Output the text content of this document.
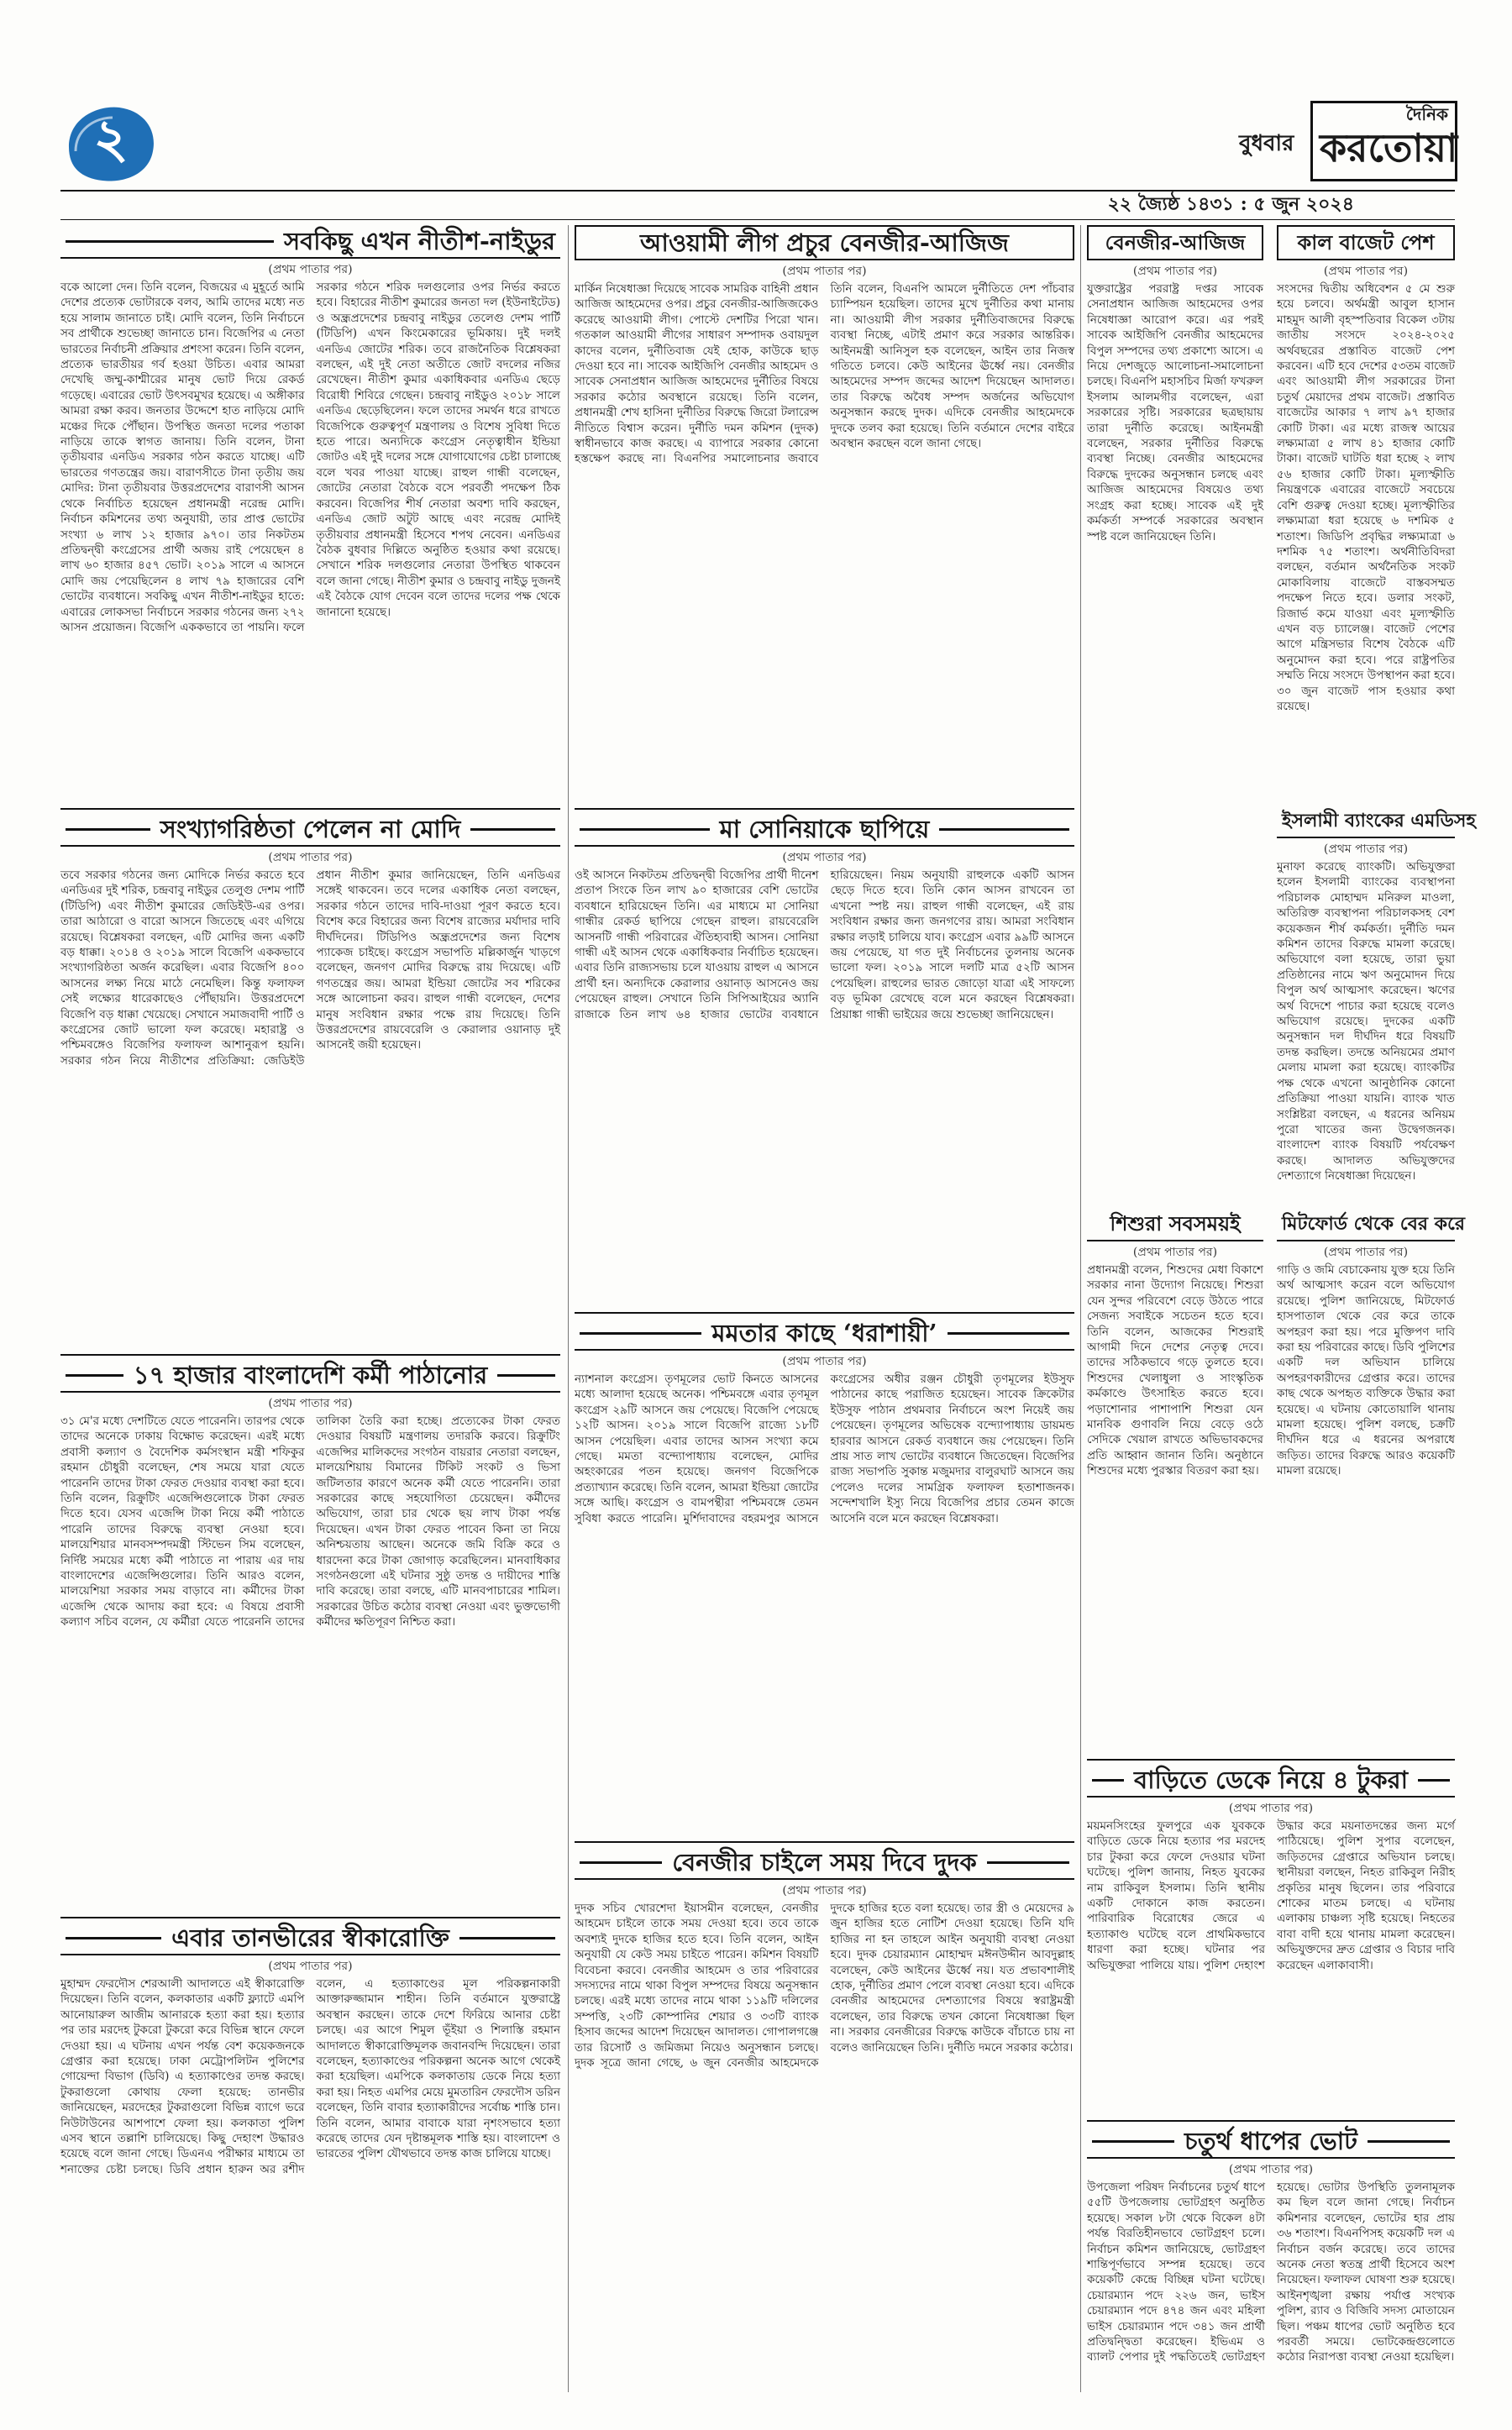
২	বুধবার
দৈনিক
করতোয়া
২২ জ্যৈষ্ঠ ১৪৩১ : ৫ জুন ২০২৪
সবকিছু এখন নীতীশ-নাইডুর
(প্রথম পাতার পর)
বকে আলো দেন। তিনি বলেন, বিজয়ের এ মুহূর্তে আমি দেশের প্রত্যেক ভোটারকে বলব, আমি তাদের মধ্যে নত হয়ে সালাম জানাতে চাই। মোদি বলেন, তিনি নির্বাচনে সব প্রার্থীকে শুভেচ্ছা জানাতে চান। বিজেপির এ নেতা ভারতের নির্বাচনী প্রক্রিয়ার প্রশংসা করেন। তিনি বলেন, প্রত্যেক ভারতীয়র গর্ব হওয়া উচিত। এবার আমরা দেখেছি জম্মু-কাশ্মীরের মানুষ ভোট দিয়ে রেকর্ড গড়েছে। এবারের ভোট উৎসবমুখর হয়েছে। এ অঙ্গীকার আমরা রক্ষা করব। জনতার উদ্দেশে হাত নাড়িয়ে মোদি মঞ্চের দিকে পৌঁছান। উপস্থিত জনতা দলের পতাকা নাড়িয়ে তাকে স্বাগত জানায়। তিনি বলেন, টানা তৃতীয়বার এনডিএ সরকার গঠন করতে যাচ্ছে। এটি ভারতের গণতন্ত্রের জয়। বারাণসীতে টানা তৃতীয় জয় মোদির: টানা তৃতীয়বার উত্তরপ্রদেশের বারাণসী আসন থেকে নির্বাচিত হয়েছেন প্রধানমন্ত্রী নরেন্দ্র মোদি। নির্বাচন কমিশনের তথ্য অনুযায়ী, তার প্রাপ্ত ভোটের সংখ্যা ৬ লাখ ১২ হাজার ৯৭০। তার নিকটতম প্রতিদ্বন্দ্বী কংগ্রেসের প্রার্থী অজয় রাই পেয়েছেন ৪ লাখ ৬০ হাজার ৪৫৭ ভোট। ২০১৯ সালে এ আসনে মোদি জয় পেয়েছিলেন ৪ লাখ ৭৯ হাজারের বেশি ভোটের ব্যবধানে। সবকিছু এখন নীতীশ-নাইডুর হাতে: এবারের লোকসভা নির্বাচনে সরকার গঠনের জন্য ২৭২ আসন প্রয়োজন। বিজেপি এককভাবে তা পায়নি। ফলে সরকার গঠনে শরিক দলগুলোর ওপর নির্ভর করতে হবে। বিহারের নীতীশ কুমারের জনতা দল (ইউনাইটেড) ও অন্ধ্রপ্রদেশের চন্দ্রবাবু নাইডুর তেলেগু দেশম পার্টি (টিডিপি) এখন কিংমেকারের ভূমিকায়। দুই দলই এনডিএ জোটের শরিক। তবে রাজনৈতিক বিশ্লেষকরা বলছেন, এই দুই নেতা অতীতে জোট বদলের নজির রেখেছেন। নীতীশ কুমার একাধিকবার এনডিএ ছেড়ে বিরোধী শিবিরে গেছেন। চন্দ্রবাবু নাইডুও ২০১৮ সালে এনডিএ ছেড়েছিলেন। ফলে তাদের সমর্থন ধরে রাখতে বিজেপিকে গুরুত্বপূর্ণ মন্ত্রণালয় ও বিশেষ সুবিধা দিতে হতে পারে। অন্যদিকে কংগ্রেস নেতৃত্বাধীন ইন্ডিয়া জোটও এই দুই দলের সঙ্গে যোগাযোগের চেষ্টা চালাচ্ছে বলে খবর পাওয়া যাচ্ছে। রাহুল গান্ধী বলেছেন, জোটের নেতারা বৈঠকে বসে পরবর্তী পদক্ষেপ ঠিক করবেন। বিজেপির শীর্ষ নেতারা অবশ্য দাবি করছেন, এনডিএ জোট অটুট আছে এবং নরেন্দ্র মোদিই তৃতীয়বার প্রধানমন্ত্রী হিসেবে শপথ নেবেন। এনডিএর বৈঠক বুধবার দিল্লিতে অনুষ্ঠিত হওয়ার কথা রয়েছে। সেখানে শরিক দলগুলোর নেতারা উপস্থিত থাকবেন বলে জানা গেছে। নীতীশ কুমার ও চন্দ্রবাবু নাইডু দুজনই এই বৈঠকে যোগ দেবেন বলে তাদের দলের পক্ষ থেকে জানানো হয়েছে।
সংখ্যাগরিষ্ঠতা পেলেন না মোদি
(প্রথম পাতার পর)
তবে সরকার গঠনের জন্য মোদিকে নির্ভর করতে হবে এনডিএর দুই শরিক, চন্দ্রবাবু নাইডুর তেলুগু দেশম পার্টি (টিডিপি) এবং নীতীশ কুমারের জেডিইউ-এর ওপর। তারা আঠারো ও বারো আসনে জিতেছে এবং এগিয়ে রয়েছে। বিশ্লেষকরা বলছেন, এটি মোদির জন্য একটি বড় ধাক্কা। ২০১৪ ও ২০১৯ সালে বিজেপি এককভাবে সংখ্যাগরিষ্ঠতা অর্জন করেছিল। এবার বিজেপি ৪০০ আসনের লক্ষ্য নিয়ে মাঠে নেমেছিল। কিন্তু ফলাফল সেই লক্ষ্যের ধারেকাছেও পৌঁছায়নি। উত্তরপ্রদেশে বিজেপি বড় ধাক্কা খেয়েছে। সেখানে সমাজবাদী পার্টি ও কংগ্রেসের জোট ভালো ফল করেছে। মহারাষ্ট্র ও পশ্চিমবঙ্গেও বিজেপির ফলাফল আশানুরূপ হয়নি। সরকার গঠন নিয়ে নীতীশের প্রতিক্রিয়া: জেডিইউ প্রধান নীতীশ কুমার জানিয়েছেন, তিনি এনডিএর সঙ্গেই থাকবেন। তবে দলের একাধিক নেতা বলছেন, সরকার গঠনে তাদের দাবি-দাওয়া পূরণ করতে হবে। বিশেষ করে বিহারের জন্য বিশেষ রাজ্যের মর্যাদার দাবি দীর্ঘদিনের। টিডিপিও অন্ধ্রপ্রদেশের জন্য বিশেষ প্যাকেজ চাইছে। কংগ্রেস সভাপতি মল্লিকার্জুন খাড়গে বলেছেন, জনগণ মোদির বিরুদ্ধে রায় দিয়েছে। এটি গণতন্ত্রের জয়। আমরা ইন্ডিয়া জোটের সব শরিকের সঙ্গে আলোচনা করব। রাহুল গান্ধী বলেছেন, দেশের মানুষ সংবিধান রক্ষার পক্ষে রায় দিয়েছে। তিনি উত্তরপ্রদেশের রায়বেরেলি ও কেরালার ওয়ানাড় দুই আসনেই জয়ী হয়েছেন।
১৭ হাজার বাংলাদেশি কর্মী পাঠানোর
(প্রথম পাতার পর)
৩১ মে'র মধ্যে দেশটিতে যেতে পারেননি। তারপর থেকে তাদের অনেকে ঢাকায় বিক্ষোভ করেছেন। এরই মধ্যে প্রবাসী কল্যাণ ও বৈদেশিক কর্মসংস্থান মন্ত্রী শফিকুর রহমান চৌধুরী বলেছেন, শেষ সময়ে যারা যেতে পারেননি তাদের টাকা ফেরত দেওয়ার ব্যবস্থা করা হবে। তিনি বলেন, রিক্রুটিং এজেন্সিগুলোকে টাকা ফেরত দিতে হবে। যেসব এজেন্সি টাকা নিয়ে কর্মী পাঠাতে পারেনি তাদের বিরুদ্ধে ব্যবস্থা নেওয়া হবে। মালয়েশিয়ার মানবসম্পদমন্ত্রী স্টিভেন সিম বলেছেন, নির্দিষ্ট সময়ের মধ্যে কর্মী পাঠাতে না পারায় এর দায় বাংলাদেশের এজেন্সিগুলোর। তিনি আরও বলেন, মালয়েশিয়া সরকার সময় বাড়াবে না। কর্মীদের টাকা এজেন্সি থেকে আদায় করা হবে: এ বিষয়ে প্রবাসী কল্যাণ সচিব বলেন, যে কর্মীরা যেতে পারেননি তাদের তালিকা তৈরি করা হচ্ছে। প্রত্যেকের টাকা ফেরত দেওয়ার বিষয়টি মন্ত্রণালয় তদারকি করবে। রিক্রুটিং এজেন্সির মালিকদের সংগঠন বায়রার নেতারা বলছেন, মালয়েশিয়ায় বিমানের টিকিট সংকট ও ভিসা জটিলতার কারণে অনেক কর্মী যেতে পারেননি। তারা সরকারের কাছে সহযোগিতা চেয়েছেন। কর্মীদের অভিযোগ, তারা চার থেকে ছয় লাখ টাকা পর্যন্ত দিয়েছেন। এখন টাকা ফেরত পাবেন কিনা তা নিয়ে অনিশ্চয়তায় আছেন। অনেকে জমি বিক্রি করে ও ধারদেনা করে টাকা জোগাড় করেছিলেন। মানবাধিকার সংগঠনগুলো এই ঘটনার সুষ্ঠু তদন্ত ও দায়ীদের শাস্তি দাবি করেছে। তারা বলছে, এটি মানবপাচারের শামিল। সরকারের উচিত কঠোর ব্যবস্থা নেওয়া এবং ভুক্তভোগী কর্মীদের ক্ষতিপূরণ নিশ্চিত করা।
এবার তানভীরের স্বীকারোক্তি
(প্রথম পাতার পর)
মুহাম্মদ ফেরদৌস শেরআলী আদালতে এই স্বীকারোক্তি দিয়েছেন। তিনি বলেন, কলকাতার একটি ফ্ল্যাটে এমপি আনোয়ারুল আজীম আনারকে হত্যা করা হয়। হত্যার পর তার মরদেহ টুকরো টুকরো করে বিভিন্ন স্থানে ফেলে দেওয়া হয়। এ ঘটনায় এখন পর্যন্ত বেশ কয়েকজনকে গ্রেপ্তার করা হয়েছে। ঢাকা মেট্রোপলিটন পুলিশের গোয়েন্দা বিভাগ (ডিবি) এ হত্যাকাণ্ডের তদন্ত করছে। টুকরাগুলো কোথায় ফেলা হয়েছে: তানভীর জানিয়েছেন, মরদেহের টুকরাগুলো বিভিন্ন ব্যাগে ভরে নিউটাউনের আশপাশে ফেলা হয়। কলকাতা পুলিশ এসব স্থানে তল্লাশি চালিয়েছে। কিছু দেহাংশ উদ্ধারও হয়েছে বলে জানা গেছে। ডিএনএ পরীক্ষার মাধ্যমে তা শনাক্তের চেষ্টা চলছে। ডিবি প্রধান হারুন অর রশীদ বলেন, এ হত্যাকাণ্ডের মূল পরিকল্পনাকারী আক্তারুজ্জামান শাহীন। তিনি বর্তমানে যুক্তরাষ্ট্রে অবস্থান করছেন। তাকে দেশে ফিরিয়ে আনার চেষ্টা চলছে। এর আগে শিমুল ভূঁইয়া ও শিলাস্তি রহমান আদালতে স্বীকারোক্তিমূলক জবানবন্দি দিয়েছেন। তারা বলেছেন, হত্যাকাণ্ডের পরিকল্পনা অনেক আগে থেকেই করা হয়েছিল। এমপিকে কলকাতায় ডেকে নিয়ে হত্যা করা হয়। নিহত এমপির মেয়ে মুমতারিন ফেরদৌস ডরিন বলেছেন, তিনি বাবার হত্যাকারীদের সর্বোচ্চ শাস্তি চান। তিনি বলেন, আমার বাবাকে যারা নৃশংসভাবে হত্যা করেছে তাদের যেন দৃষ্টান্তমূলক শাস্তি হয়। বাংলাদেশ ও ভারতের পুলিশ যৌথভাবে তদন্ত কাজ চালিয়ে যাচ্ছে।
আওয়ামী লীগ প্রচুর বেনজীর-আজিজ
(প্রথম পাতার পর)
মার্কিন নিষেধাজ্ঞা দিয়েছে সাবেক সামরিক বাহিনী প্রধান আজিজ আহমেদের ওপর। প্রচুর বেনজীর-আজিজকেও করেছে আওয়ামী লীগ। পোস্টে দেশটির পিরো খান। গতকাল আওয়ামী লীগের সাধারণ সম্পাদক ওবায়দুল কাদের বলেন, দুর্নীতিবাজ যেই হোক, কাউকে ছাড় দেওয়া হবে না। সাবেক আইজিপি বেনজীর আহমেদ ও সাবেক সেনাপ্রধান আজিজ আহমেদের দুর্নীতির বিষয়ে সরকার কঠোর অবস্থানে রয়েছে। তিনি বলেন, প্রধানমন্ত্রী শেখ হাসিনা দুর্নীতির বিরুদ্ধে জিরো টলারেন্স নীতিতে বিশ্বাস করেন। দুর্নীতি দমন কমিশন (দুদক) স্বাধীনভাবে কাজ করছে। এ ব্যাপারে সরকার কোনো হস্তক্ষেপ করছে না। বিএনপির সমালোচনার জবাবে তিনি বলেন, বিএনপি আমলে দুর্নীতিতে দেশ পাঁচবার চ্যাম্পিয়ন হয়েছিল। তাদের মুখে দুর্নীতির কথা মানায় না। আওয়ামী লীগ সরকার দুর্নীতিবাজদের বিরুদ্ধে ব্যবস্থা নিচ্ছে, এটাই প্রমাণ করে সরকার আন্তরিক। আইনমন্ত্রী আনিসুল হক বলেছেন, আইন তার নিজস্ব গতিতে চলবে। কেউ আইনের ঊর্ধ্বে নয়। বেনজীর আহমেদের সম্পদ জব্দের আদেশ দিয়েছেন আদালত। তার বিরুদ্ধে অবৈধ সম্পদ অর্জনের অভিযোগ অনুসন্ধান করছে দুদক। এদিকে বেনজীর আহমেদকে দুদকে তলব করা হয়েছে। তিনি বর্তমানে দেশের বাইরে অবস্থান করছেন বলে জানা গেছে।
মা সোনিয়াকে ছাপিয়ে
(প্রথম পাতার পর)
ওই আসনে নিকটতম প্রতিদ্বন্দ্বী বিজেপির প্রার্থী দীনেশ প্রতাপ সিংকে তিন লাখ ৯০ হাজারের বেশি ভোটের ব্যবধানে হারিয়েছেন তিনি। এর মাধ্যমে মা সোনিয়া গান্ধীর রেকর্ড ছাপিয়ে গেছেন রাহুল। রায়বেরেলি আসনটি গান্ধী পরিবারের ঐতিহ্যবাহী আসন। সোনিয়া গান্ধী এই আসন থেকে একাধিকবার নির্বাচিত হয়েছেন। এবার তিনি রাজ্যসভায় চলে যাওয়ায় রাহুল এ আসনে প্রার্থী হন। অন্যদিকে কেরালার ওয়ানাড় আসনেও জয় পেয়েছেন রাহুল। সেখানে তিনি সিপিআইয়ের অ্যানি রাজাকে তিন লাখ ৬৪ হাজার ভোটের ব্যবধানে হারিয়েছেন। নিয়ম অনুযায়ী রাহুলকে একটি আসন ছেড়ে দিতে হবে। তিনি কোন আসন রাখবেন তা এখনো স্পষ্ট নয়। রাহুল গান্ধী বলেছেন, এই রায় সংবিধান রক্ষার জন্য জনগণের রায়। আমরা সংবিধান রক্ষার লড়াই চালিয়ে যাব। কংগ্রেস এবার ৯৯টি আসনে জয় পেয়েছে, যা গত দুই নির্বাচনের তুলনায় অনেক ভালো ফল। ২০১৯ সালে দলটি মাত্র ৫২টি আসন পেয়েছিল। রাহুলের ভারত জোড়ো যাত্রা এই সাফল্যে বড় ভূমিকা রেখেছে বলে মনে করছেন বিশ্লেষকরা। প্রিয়াঙ্কা গান্ধী ভাইয়ের জয়ে শুভেচ্ছা জানিয়েছেন।
মমতার কাছে ‘ধরাশায়ী’
(প্রথম পাতার পর)
ন্যাশনাল কংগ্রেস। তৃণমূলের ভোট কিনতে আসনের মধ্যে আলাদা হয়েছে অনেক। পশ্চিমবঙ্গে এবার তৃণমূল কংগ্রেস ২৯টি আসনে জয় পেয়েছে। বিজেপি পেয়েছে ১২টি আসন। ২০১৯ সালে বিজেপি রাজ্যে ১৮টি আসন পেয়েছিল। এবার তাদের আসন সংখ্যা কমে গেছে। মমতা বন্দ্যোপাধ্যায় বলেছেন, মোদির অহংকারের পতন হয়েছে। জনগণ বিজেপিকে প্রত্যাখ্যান করেছে। তিনি বলেন, আমরা ইন্ডিয়া জোটের সঙ্গে আছি। কংগ্রেস ও বামপন্থীরা পশ্চিমবঙ্গে তেমন সুবিধা করতে পারেনি। মুর্শিদাবাদের বহরমপুর আসনে কংগ্রেসের অধীর রঞ্জন চৌধুরী তৃণমূলের ইউসুফ পাঠানের কাছে পরাজিত হয়েছেন। সাবেক ক্রিকেটার ইউসুফ পাঠান প্রথমবার নির্বাচনে অংশ নিয়েই জয় পেয়েছেন। তৃণমূলের অভিষেক বন্দ্যোপাধ্যায় ডায়মন্ড হারবার আসনে রেকর্ড ব্যবধানে জয় পেয়েছেন। তিনি প্রায় সাত লাখ ভোটের ব্যবধানে জিতেছেন। বিজেপির রাজ্য সভাপতি সুকান্ত মজুমদার বালুরঘাট আসনে জয় পেলেও দলের সামগ্রিক ফলাফল হতাশাজনক। সন্দেশখালি ইস্যু নিয়ে বিজেপির প্রচার তেমন কাজে আসেনি বলে মনে করছেন বিশ্লেষকরা।
বেনজীর চাইলে সময় দিবে দুদক
(প্রথম পাতার পর)
দুদক সচিব খোরশেদা ইয়াসমীন বলেছেন, বেনজীর আহমেদ চাইলে তাকে সময় দেওয়া হবে। তবে তাকে অবশ্যই দুদকে হাজির হতে হবে। তিনি বলেন, আইন অনুযায়ী যে কেউ সময় চাইতে পারেন। কমিশন বিষয়টি বিবেচনা করবে। বেনজীর আহমেদ ও তার পরিবারের সদস্যদের নামে থাকা বিপুল সম্পদের বিষয়ে অনুসন্ধান চলছে। এরই মধ্যে তাদের নামে থাকা ১১৯টি দলিলের সম্পত্তি, ২৩টি কোম্পানির শেয়ার ও ৩৩টি ব্যাংক হিসাব জব্দের আদেশ দিয়েছেন আদালত। গোপালগঞ্জে তার রিসোর্ট ও জমিজমা নিয়েও অনুসন্ধান চলছে। দুদক সূত্রে জানা গেছে, ৬ জুন বেনজীর আহমেদকে দুদকে হাজির হতে বলা হয়েছে। তার স্ত্রী ও মেয়েদের ৯ জুন হাজির হতে নোটিশ দেওয়া হয়েছে। তিনি যদি হাজির না হন তাহলে আইন অনুযায়ী ব্যবস্থা নেওয়া হবে। দুদক চেয়ারম্যান মোহাম্মদ মঈনউদ্দীন আবদুল্লাহ বলেছেন, কেউ আইনের ঊর্ধ্বে নয়। যত প্রভাবশালীই হোক, দুর্নীতির প্রমাণ পেলে ব্যবস্থা নেওয়া হবে। এদিকে বেনজীর আহমেদের দেশত্যাগের বিষয়ে স্বরাষ্ট্রমন্ত্রী বলেছেন, তার বিরুদ্ধে তখন কোনো নিষেধাজ্ঞা ছিল না। সরকার বেনজীরের বিরুদ্ধে কাউকে বাঁচাতে চায় না বলেও জানিয়েছেন তিনি। দুর্নীতি দমনে সরকার কঠোর।
বেনজীর-আজিজ
(প্রথম পাতার পর)
যুক্তরাষ্ট্রের পররাষ্ট্র দপ্তর সাবেক সেনাপ্রধান আজিজ আহমেদের ওপর নিষেধাজ্ঞা আরোপ করে। এর পরই সাবেক আইজিপি বেনজীর আহমেদের বিপুল সম্পদের তথ্য প্রকাশ্যে আসে। এ নিয়ে দেশজুড়ে আলোচনা-সমালোচনা চলছে। বিএনপি মহাসচিব মির্জা ফখরুল ইসলাম আলমগীর বলেছেন, এরা সরকারের সৃষ্টি। সরকারের ছত্রছায়ায় তারা দুর্নীতি করেছে। আইনমন্ত্রী বলেছেন, সরকার দুর্নীতির বিরুদ্ধে ব্যবস্থা নিচ্ছে। বেনজীর আহমেদের বিরুদ্ধে দুদকের অনুসন্ধান চলছে এবং আজিজ আহমেদের বিষয়েও তথ্য সংগ্রহ করা হচ্ছে। সাবেক এই দুই কর্মকর্তা সম্পর্কে সরকারের অবস্থান স্পষ্ট বলে জানিয়েছেন তিনি।
শিশুরা সবসময়ই
(প্রথম পাতার পর)
প্রধানমন্ত্রী বলেন, শিশুদের মেধা বিকাশে সরকার নানা উদ্যোগ নিয়েছে। শিশুরা যেন সুন্দর পরিবেশে বেড়ে উঠতে পারে সেজন্য সবাইকে সচেতন হতে হবে। তিনি বলেন, আজকের শিশুরাই আগামী দিনে দেশের নেতৃত্ব দেবে। তাদের সঠিকভাবে গড়ে তুলতে হবে। শিশুদের খেলাধুলা ও সাংস্কৃতিক কর্মকাণ্ডে উৎসাহিত করতে হবে। পড়াশোনার পাশাপাশি শিশুরা যেন মানবিক গুণাবলি নিয়ে বেড়ে ওঠে সেদিকে খেয়াল রাখতে অভিভাবকদের প্রতি আহ্বান জানান তিনি। অনুষ্ঠানে শিশুদের মধ্যে পুরস্কার বিতরণ করা হয়।
কাল বাজেট পেশ
(প্রথম পাতার পর)
সংসদের দ্বিতীয় অধিবেশন ৫ মে শুরু হয়ে চলবে। অর্থমন্ত্রী আবুল হাসান মাহমুদ আলী বৃহস্পতিবার বিকেল ৩টায় জাতীয় সংসদে ২০২৪-২০২৫ অর্থবছরের প্রস্তাবিত বাজেট পেশ করবেন। এটি হবে দেশের ৫৩তম বাজেট এবং আওয়ামী লীগ সরকারের টানা চতুর্থ মেয়াদের প্রথম বাজেট। প্রস্তাবিত বাজেটের আকার ৭ লাখ ৯৭ হাজার কোটি টাকা। এর মধ্যে রাজস্ব আয়ের লক্ষ্যমাত্রা ৫ লাখ ৪১ হাজার কোটি টাকা। বাজেট ঘাটতি ধরা হচ্ছে ২ লাখ ৫৬ হাজার কোটি টাকা। মূল্যস্ফীতি নিয়ন্ত্রণকে এবারের বাজেটে সবচেয়ে বেশি গুরুত্ব দেওয়া হচ্ছে। মূল্যস্ফীতির লক্ষ্যমাত্রা ধরা হয়েছে ৬ দশমিক ৫ শতাংশ। জিডিপি প্রবৃদ্ধির লক্ষ্যমাত্রা ৬ দশমিক ৭৫ শতাংশ। অর্থনীতিবিদরা বলছেন, বর্তমান অর্থনৈতিক সংকট মোকাবিলায় বাজেটে বাস্তবসম্মত পদক্ষেপ নিতে হবে। ডলার সংকট, রিজার্ভ কমে যাওয়া এবং মূল্যস্ফীতি এখন বড় চ্যালেঞ্জ। বাজেট পেশের আগে মন্ত্রিসভার বিশেষ বৈঠকে এটি অনুমোদন করা হবে। পরে রাষ্ট্রপতির সম্মতি নিয়ে সংসদে উপস্থাপন করা হবে। ৩০ জুন বাজেট পাস হওয়ার কথা রয়েছে।
ইসলামী ব্যাংকের এমডিসহ
(প্রথম পাতার পর)
মুনাফা করেছে ব্যাংকটি। অভিযুক্তরা হলেন ইসলামী ব্যাংকের ব্যবস্থাপনা পরিচালক মোহাম্মদ মনিরুল মাওলা, অতিরিক্ত ব্যবস্থাপনা পরিচালকসহ বেশ কয়েকজন শীর্ষ কর্মকর্তা। দুর্নীতি দমন কমিশন তাদের বিরুদ্ধে মামলা করেছে। অভিযোগে বলা হয়েছে, তারা ভুয়া প্রতিষ্ঠানের নামে ঋণ অনুমোদন দিয়ে বিপুল অর্থ আত্মসাৎ করেছেন। ঋণের অর্থ বিদেশে পাচার করা হয়েছে বলেও অভিযোগ রয়েছে। দুদকের একটি অনুসন্ধান দল দীর্ঘদিন ধরে বিষয়টি তদন্ত করছিল। তদন্তে অনিয়মের প্রমাণ মেলায় মামলা করা হয়েছে। ব্যাংকটির পক্ষ থেকে এখনো আনুষ্ঠানিক কোনো প্রতিক্রিয়া পাওয়া যায়নি। ব্যাংক খাত সংশ্লিষ্টরা বলছেন, এ ধরনের অনিয়ম পুরো খাতের জন্য উদ্বেগজনক। বাংলাদেশ ব্যাংক বিষয়টি পর্যবেক্ষণ করছে। আদালত অভিযুক্তদের দেশত্যাগে নিষেধাজ্ঞা দিয়েছেন।
মিটফোর্ড থেকে বের করে
(প্রথম পাতার পর)
গাড়ি ও জমি বেচাকেনায় যুক্ত হয়ে তিনি অর্থ আত্মসাৎ করেন বলে অভিযোগ রয়েছে। পুলিশ জানিয়েছে, মিটফোর্ড হাসপাতাল থেকে বের করে তাকে অপহরণ করা হয়। পরে মুক্তিপণ দাবি করা হয় পরিবারের কাছে। ডিবি পুলিশের একটি দল অভিযান চালিয়ে অপহরণকারীদের গ্রেপ্তার করে। তাদের কাছ থেকে অপহৃত ব্যক্তিকে উদ্ধার করা হয়েছে। এ ঘটনায় কোতোয়ালি থানায় মামলা হয়েছে। পুলিশ বলছে, চক্রটি দীর্ঘদিন ধরে এ ধরনের অপরাধে জড়িত। তাদের বিরুদ্ধে আরও কয়েকটি মামলা রয়েছে।
বাড়িতে ডেকে নিয়ে ৪ টুকরা
(প্রথম পাতার পর)
ময়মনসিংহের ফুলপুরে এক যুবককে বাড়িতে ডেকে নিয়ে হত্যার পর মরদেহ চার টুকরা করে ফেলে দেওয়ার ঘটনা ঘটেছে। পুলিশ জানায়, নিহত যুবকের নাম রাকিবুল ইসলাম। তিনি স্থানীয় একটি দোকানে কাজ করতেন। পারিবারিক বিরোধের জেরে এ হত্যাকাণ্ড ঘটেছে বলে প্রাথমিকভাবে ধারণা করা হচ্ছে। ঘটনার পর অভিযুক্তরা পালিয়ে যায়। পুলিশ দেহাংশ উদ্ধার করে ময়নাতদন্তের জন্য মর্গে পাঠিয়েছে। পুলিশ সুপার বলেছেন, জড়িতদের গ্রেপ্তারে অভিযান চলছে। স্থানীয়রা বলছেন, নিহত রাকিবুল নিরীহ প্রকৃতির মানুষ ছিলেন। তার পরিবারে শোকের মাতম চলছে। এ ঘটনায় এলাকায় চাঞ্চল্য সৃষ্টি হয়েছে। নিহতের বাবা বাদী হয়ে থানায় মামলা করেছেন। অভিযুক্তদের দ্রুত গ্রেপ্তার ও বিচার দাবি করেছেন এলাকাবাসী।
চতুর্থ ধাপের ভোট
(প্রথম পাতার পর)
উপজেলা পরিষদ নির্বাচনের চতুর্থ ধাপে ৫৫টি উপজেলায় ভোটগ্রহণ অনুষ্ঠিত হয়েছে। সকাল ৮টা থেকে বিকেল ৪টা পর্যন্ত বিরতিহীনভাবে ভোটগ্রহণ চলে। নির্বাচন কমিশন জানিয়েছে, ভোটগ্রহণ শান্তিপূর্ণভাবে সম্পন্ন হয়েছে। তবে কয়েকটি কেন্দ্রে বিচ্ছিন্ন ঘটনা ঘটেছে। চেয়ারম্যান পদে ২২৬ জন, ভাইস চেয়ারম্যান পদে ৪৭৪ জন এবং মহিলা ভাইস চেয়ারম্যান পদে ৩৪১ জন প্রার্থী প্রতিদ্বন্দ্বিতা করেছেন। ইভিএম ও ব্যালট পেপার দুই পদ্ধতিতেই ভোটগ্রহণ হয়েছে। ভোটার উপস্থিতি তুলনামূলক কম ছিল বলে জানা গেছে। নির্বাচন কমিশনার বলেছেন, ভোটের হার প্রায় ৩৬ শতাংশ। বিএনপিসহ কয়েকটি দল এ নির্বাচন বর্জন করেছে। তবে তাদের অনেক নেতা স্বতন্ত্র প্রার্থী হিসেবে অংশ নিয়েছেন। ফলাফল ঘোষণা শুরু হয়েছে। আইনশৃঙ্খলা রক্ষায় পর্যাপ্ত সংখ্যক পুলিশ, র‍্যাব ও বিজিবি সদস্য মোতায়েন ছিল। পঞ্চম ধাপের ভোট অনুষ্ঠিত হবে পরবর্তী সময়ে। ভোটকেন্দ্রগুলোতে কঠোর নিরাপত্তা ব্যবস্থা নেওয়া হয়েছিল।
